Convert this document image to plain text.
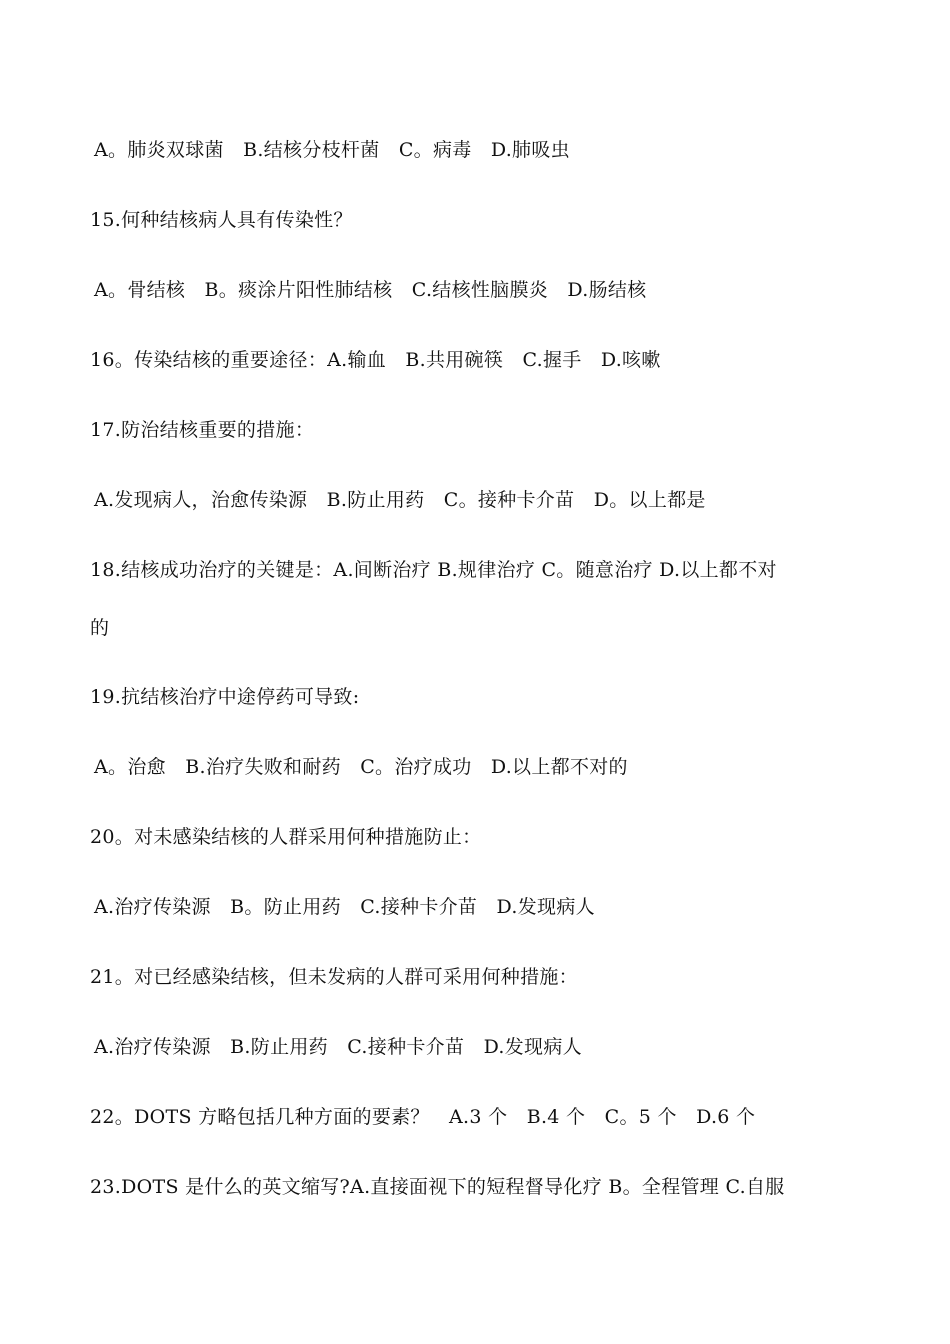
A。肺炎双球菌　B.结核分枝杆菌　C。病毒　D.肺吸虫
15.何种结核病人具有传染性？
A。骨结核　B。痰涂片阳性肺结核　C.结核性脑膜炎　D.肠结核
16。传染结核的重要途径：A.输血　B.共用碗筷　C.握手　D.咳嗽
17.防治结核重要的措施：
A.发现病人，治愈传染源　B.防止用药　C。接种卡介苗　D。以上都是
18.结核成功治疗的关键是：A.间断治疗 B.规律治疗 C。随意治疗 D.以上都不对
的
19.抗结核治疗中途停药可导致:
A。治愈　B.治疗失败和耐药　C。治疗成功　D.以上都不对的
20。对未感染结核的人群采用何种措施防止：
A.治疗传染源　B。防止用药　C.接种卡介苗　D.发现病人
21。对已经感染结核，但未发病的人群可采用何种措施：
A.治疗传染源　B.防止用药　C.接种卡介苗　D.发现病人
22。DOTS 方略包括几种方面的要素？　A.3 个　B.4 个　C。5 个　D.6 个
23.DOTS 是什么的英文缩写?A.直接面视下的短程督导化疗 B。全程管理 C.自服
